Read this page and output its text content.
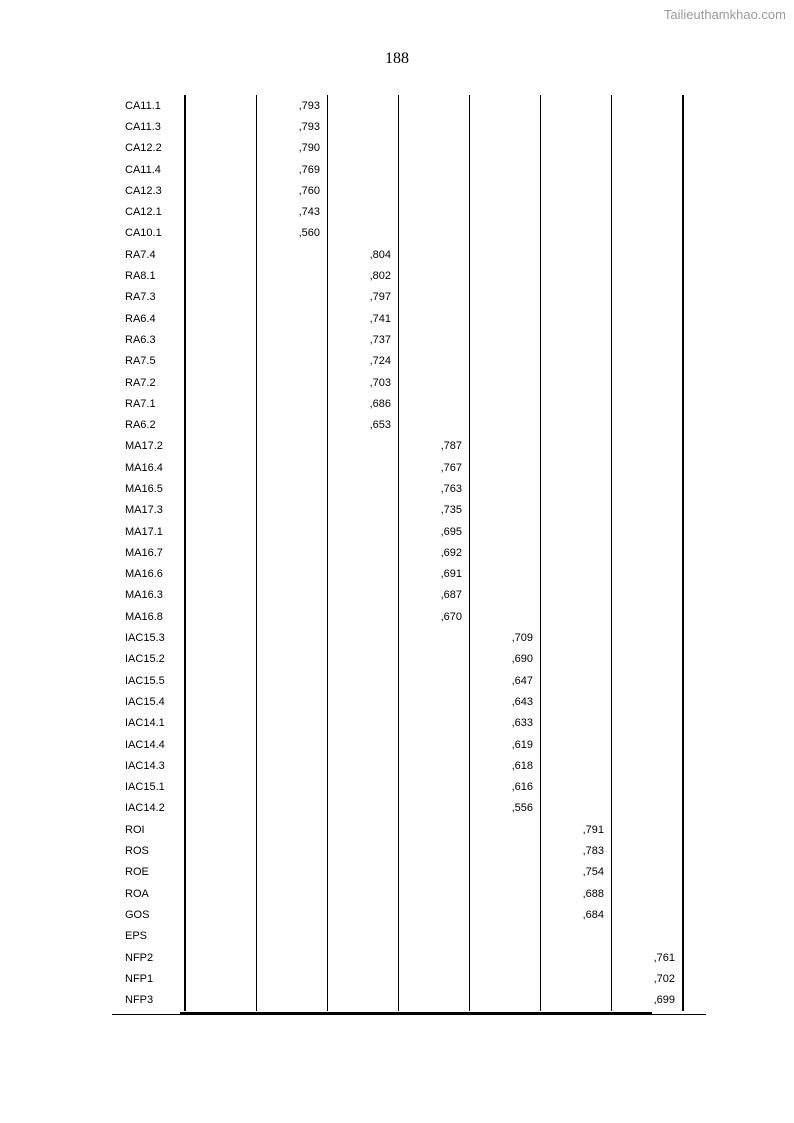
Tailieuthamkhao.com
188
CA11.1		,793					
CA11.3		,793					
CA12.2		,790					
CA11.4		,769					
CA12.3		,760					
CA12.1		,743					
CA10.1		,560					
RA7.4			,804				
RA8.1			,802				
RA7.3			,797				
RA6.4			,741				
RA6.3			,737				
RA7.5			,724				
RA7.2			,703				
RA7.1			,686				
RA6.2			,653				
MA17.2				,787			
MA16.4				,767			
MA16.5				,763			
MA17.3				,735			
MA17.1				,695			
MA16.7				,692			
MA16.6				,691			
MA16.3				,687			
MA16.8				,670			
IAC15.3					,709		
IAC15.2					,690		
IAC15.5					,647		
IAC15.4					,643		
IAC14.1					,633		
IAC14.4					,619		
IAC14.3					,618		
IAC15.1					,616		
IAC14.2					,556		
ROI						,791	
ROS						,783	
ROE						,754	
ROA						,688	
GOS						,684	
EPS							
NFP2							,761
NFP1							,702
NFP3							,699
